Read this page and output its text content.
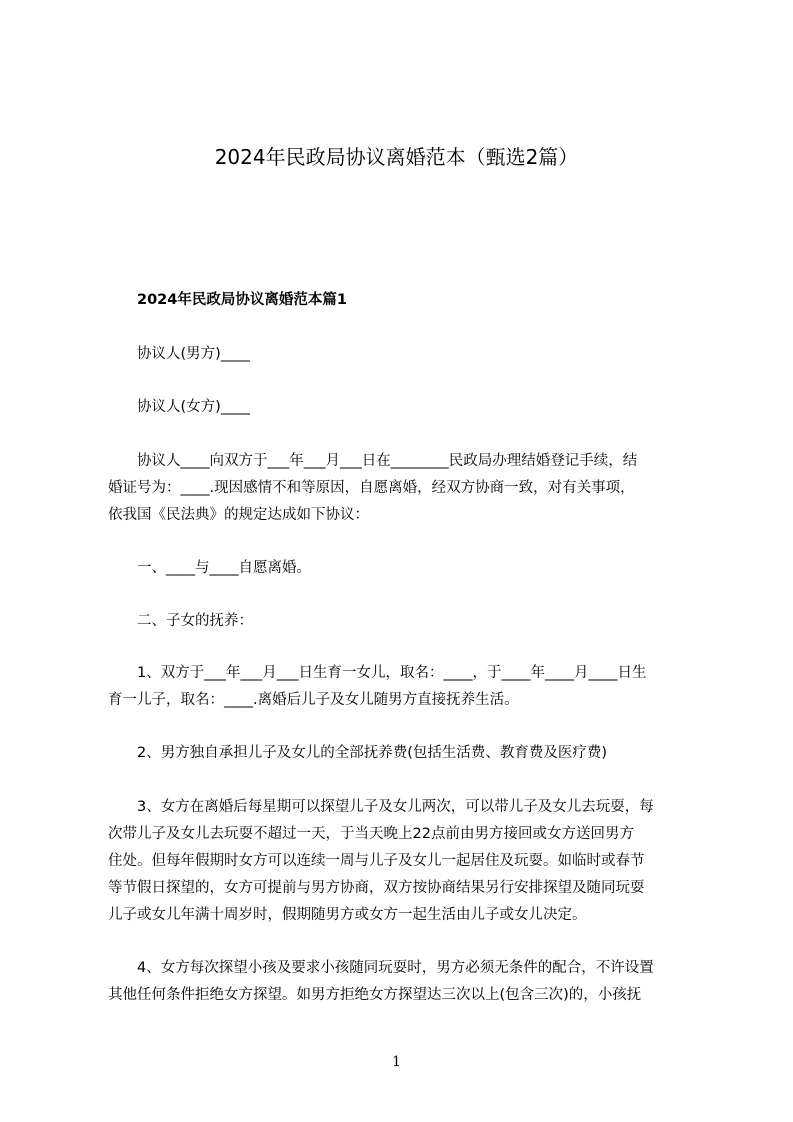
2024年民政局协议离婚范本（甄选2篇）

2024年民政局协议离婚范本篇1

协议人(男方)____

协议人(女方)____

　　协议人____向双方于___年___月___日在________民政局办理结婚登记手续，结
婚证号为：____.现因感情不和等原因，自愿离婚，经双方协商一致，对有关事项，
依我国《民法典》的规定达成如下协议：

一、____与____自愿离婚。

二、子女的抚养：

　　1、双方于___年___月___日生育一女儿，取名：____，于____年____月____日生
育一儿子，取名：____.离婚后儿子及女儿随男方直接抚养生活。

2、男方独自承担儿子及女儿的全部抚养费(包括生活费、教育费及医疗费)

　　3、女方在离婚后每星期可以探望儿子及女儿两次，可以带儿子及女儿去玩耍，每
次带儿子及女儿去玩耍不超过一天，于当天晚上22点前由男方接回或女方送回男方
住处。但每年假期时女方可以连续一周与儿子及女儿一起居住及玩耍。如临时或春节
等节假日探望的，女方可提前与男方协商，双方按协商结果另行安排探望及随同玩耍
儿子或女儿年满十周岁时，假期随男方或女方一起生活由儿子或女儿决定。
　　4、女方每次探望小孩及要求小孩随同玩耍时，男方必须无条件的配合，不许设置
其他任何条件拒绝女方探望。如男方拒绝女方探望达三次以上(包含三次)的，小孩抚
1
